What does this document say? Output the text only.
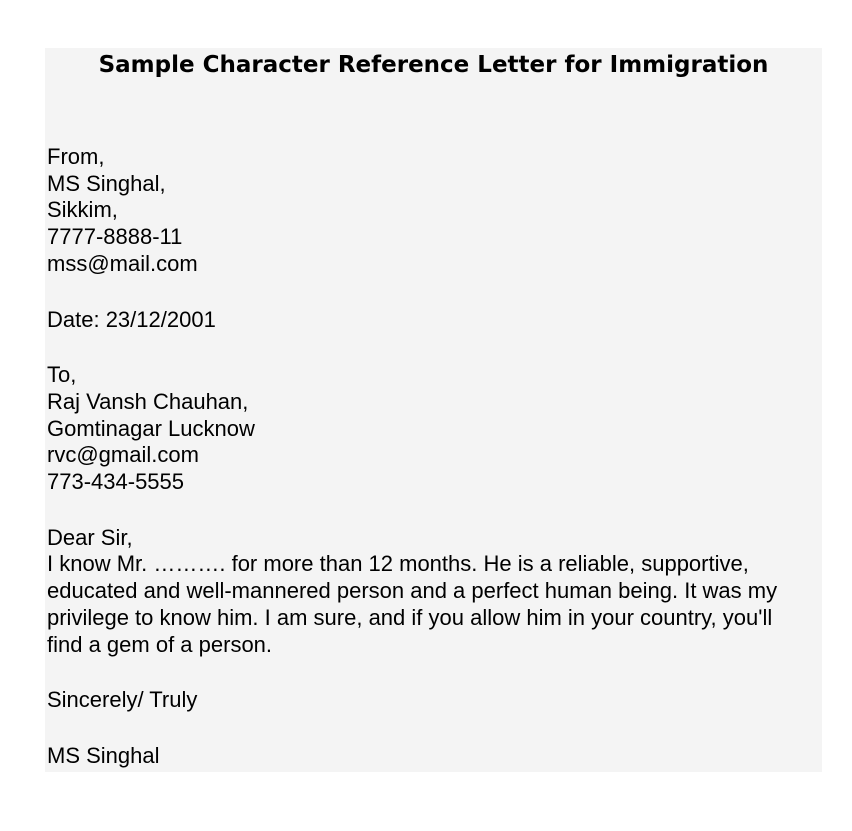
Sample Character Reference Letter for Immigration
From,
MS Singhal,
Sikkim,
7777-8888-11
mss@mail.com
Date: 23/12/2001
To,
Raj Vansh Chauhan,
Gomtinagar Lucknow
rvc@gmail.com
773-434-5555
Dear Sir,
I know Mr. ………. for more than 12 months. He is a reliable, supportive,
educated and well-mannered person and a perfect human being. It was my
privilege to know him. I am sure, and if you allow him in your country, you'll
find a gem of a person.
Sincerely/ Truly
MS Singhal
